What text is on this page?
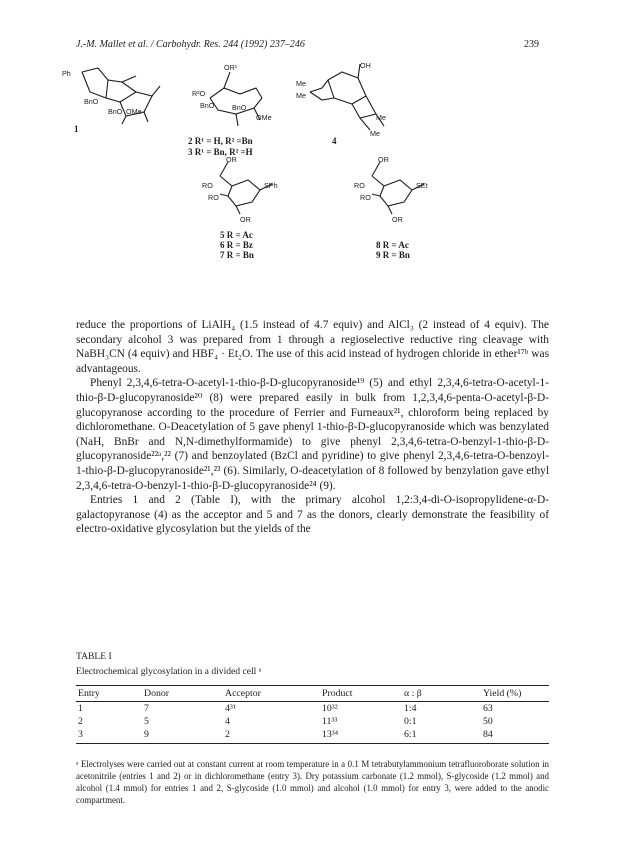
J.-M. Mallet et al. / Carbohydr. Res. 244 (1992) 237–246	239
Ph
BnO
BnO OMe
1
OR¹
R²O
BnO BnO
OMe
2 R¹ = H, R² =Bn
3 R¹ = Bn, R² =H
OH
Me
Me
Me
Me
4
OR
RO
RO
OR
SPh
5 R = Ac
6 R = Bz
7 R = Bn
OR
RO
RO
OR
SEt
8 R = Ac
9 R = Bn

reduce the proportions of LiAlH₄ (1.5 instead of 4.7 equiv) and AlCl₃ (2 instead of 4 equiv). The secondary alcohol 3 was prepared from 1 through a regioselective reductive ring cleavage with NaBH₃CN (4 equiv) and HBF₄ · Et₂O. The use of this acid instead of hydrogen chloride in ether¹⁷ᵇ was advantageous.

Phenyl 2,3,4,6-tetra-O-acetyl-1-thio-β-D-glucopyranoside¹⁹ (5) and ethyl 2,3,4,6-tetra-O-acetyl-1-thio-β-D-glucopyranoside²⁰ (8) were prepared easily in bulk from 1,2,3,4,6-penta-O-acetyl-β-D-glucopyranose according to the procedure of Ferrier and Furneaux²¹, chloroform being replaced by dichloromethane. O-Deacetylation of 5 gave phenyl 1-thio-β-D-glucopyranoside which was benzylated (NaH, BnBr and N,N-dimethylformamide) to give phenyl 2,3,4,6-tetra-O-benzyl-1-thio-β-D-glucopyranoside²²ᵃ,²² (7) and benzoylated (BzCl and pyridine) to give phenyl 2,3,4,6-tetra-O-benzoyl-1-thio-β-D-glucopyranoside²¹,²³ (6). Similarly, O-deacetylation of 8 followed by benzylation gave ethyl 2,3,4,6-tetra-O-benzyl-1-thio-β-D-glucopyranoside²⁴ (9).

Entries 1 and 2 (Table I), with the primary alcohol 1,2:3,4-di-O-isopropylidene-α-D-galactopyranose (4) as the acceptor and 5 and 7 as the donors, clearly demonstrate the feasibility of electro-oxidative glycosylation but the yields of the

TABLE I
Electrochemical glycosylation in a divided cell ᵃ
Entry	Donor	Acceptor	Product	α : β	Yield (%)
1	7	4³¹	10³²	1:4	63
2	5	4	11³³	0:1	50
3	9	2	13³⁴	6:1	84
ᵃ Electrolyses were carried out at constant current at room temperature in a 0.1 M tetrabutylammonium tetrafluoroborate solution in acetonitrile (entries 1 and 2) or in dichloromethane (entry 3). Dry potassium carbonate (1.2 mmol), S-glycoside (1.2 mmol) and alcohol (1.4 mmol) for entries 1 and 2, S-glycoside (1.0 mmol) and alcohol (1.0 mmol) for entry 3, were added to the anodic compartment.
